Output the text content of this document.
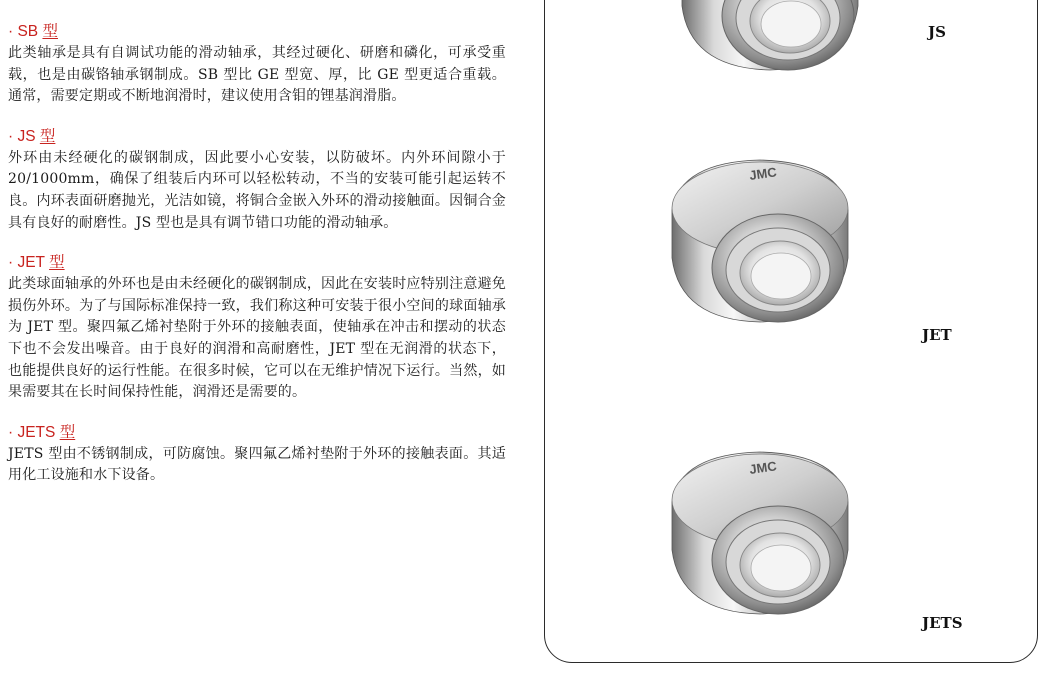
· SB 型

此类轴承是具有自调试功能的滑动轴承，其经过硬化、研磨和磷化，可承受重载，也是由碳铬轴承钢制成。SB 型比 GE 型宽、厚，比 GE 型更适合重载。通常，需要定期或不断地润滑时，建议使用含钼的锂基润滑脂。

· JS 型

外环由未经硬化的碳钢制成，因此要小心安装，以防破坏。内外环间隙小于 20/1000mm，确保了组装后内环可以轻松转动，不当的安装可能引起运转不良。内环表面研磨抛光，光洁如镜，将铜合金嵌入外环的滑动接触面。因铜合金具有良好的耐磨性。JS 型也是具有调节错口功能的滑动轴承。

· JET 型

此类球面轴承的外环也是由未经硬化的碳钢制成，因此在安装时应特别注意避免损伤外环。为了与国际标准保持一致，我们称这种可安装于很小空间的球面轴承为 JET 型。聚四氟乙烯衬垫附于外环的接触表面，使轴承在冲击和摆动的状态下也不会发出噪音。由于良好的润滑和高耐磨性，JET 型在无润滑的状态下，也能提供良好的运行性能。在很多时候，它可以在无维护情况下运行。当然，如果需要其在长时间保持性能，润滑还是需要的。

· JETS 型

JETS 型由不锈钢制成，可防腐蚀。聚四氟乙烯衬垫附于外环的接触表面。其适用化工设施和水下设备。

JS
JMC
JET
JMC
JETS
